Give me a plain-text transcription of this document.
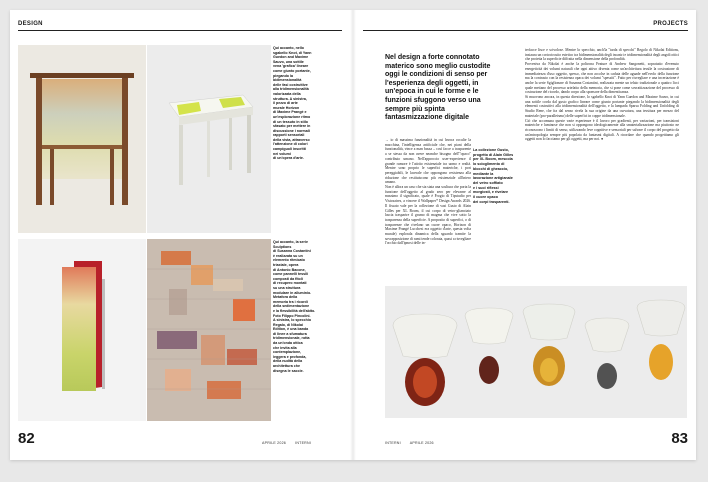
DESIGN
Qui accanto, nello
sgabello Knot, di Yann
Guedon and Maxime
Sauvo, una sottile
vena 'grafica' lineare
come giunto portante,
piegando la
bidimensionalità
delle fasi costruttive
alla tridimensionalità
valorizzata della
struttura. A sinistra,
il pezzo di arte
murale Horizon
di Maxime Prangé e
un'esplorazione ritmo
di un tessuto in stilo
sfasato per mettere in
discussione i normali
rapporti sensoriali
della vista, attraverso
l'attenzione di colori
campiguoli inscritti
nei volumi
di un'opera d'arte.
Qui accanto, la serie
Sculptions
di Susanna Costantini
è realizzata su un
elemento ritmicato
triaxiale, opera
di Antonio Bacone,
come pannelli tessili
composti da fitoli
di recupero montati
su una struttura
modulare in alluminio.
Metafora della
memoria tra i ricordi
della sedimentazione
e la flessibilità dell'abito.
Foto Filippo Pincolini.
A sinistra, lo specchio
Regalo, di Nikolai
Edition, è una banda
di linee a sfumatura
tridimensionale, rotta
da un'onda ottica
che invita alla
contemplazione,
leggera e profonda,
della nudità della
architettura che
disegna le saccie.
82	APRILE 2026	INTERNI
PROJECTS
Nel design a forte connotato materico sono meglio custodite oggi le condizioni di senso per l'esperienza degli oggetti, in un'epoca in cui le forme e le funzioni sfuggono verso una sempre più spinta fantasmizzazione digitale
→ io di massima funzionalità in cui lavora occulte la macchina, l'intelligenza artificiale che, nei piani della funzionalità, vince a man bassa – così facce a trasparente a se stessa da non avere neanche bisogno dell'"opaco" contributo umano. Nell'approccio user-experience il grande rumore è l'attrito esistenziale tra uomo e realtà. Mentre sono proprio le superfici materiche, i pori pereggiabili, le lacerale che oppongono resistenza alla riduzione che restituiscono più esistenziale all'intero umano.
Non è allora un caso che sia stata una scultura che porta la funzione dell'oggetto al grado zero per elevarne al massimo il significato, quale è Frogio di Tipstudio per Vistosaires, a vincere il Wallpaper* Design Awards 2026. Il fissato vale per la collezione di vasi Gusto di Alain Gilles per XL Boom, il cui corpo di vetro-glianciato lascia trasparire il grumo di magma che vive sotto la trasparenza della superficie. A proposito di superfici, o di trasparenze che rivelano un cuore opaco, Horizon di Maxime Prangé Lucchesi era oggetto d'arte, questa volta murale) esplorala dinamica della sguardo tramite la sovrapposizione di rami tende colorata, quasi a risvegliare l'occhio dall'ipnosi delle in-
La collezione Gusto,
progetto di Alain Gilles
per XL Boom, mescola
lo scioglimento di
blocchi di gheaccio,
mediante la
lavorazione artigianale
del vetro soffiato
e i suoi riflessi
morgiosti, e rivelare
il cuore opaco
dei corpi trasparenti.
terfacce lisce e scivolose. Mentre lo specchio, anch'la "tarda di specchi" Regolo di Nikolai Editions, instaura un cortocircuito estetico tra bidimensionalità degli incastri e tridimensionalità degli angoli ottici che proietta la superficie diffratta nella dimensione della profondità.
Proveniva da Nikolai è anche la poltrona Feature di Andrew Sangonetti, sopratutto d'evenuto energeticità dei volumi naturali che ogni attivo diventa come un'architettura tessile la costruzione di immediatezza d'uso oggetto, spesso, che non accolse in caduta delle aguade nell'evolo della funzione ma la contrasto con la resistenza opaca dei volumi "spessiti". Fatto per risvegliare e una incertazione è anche la serie Sgiglionare di Susanna Costantini, realizzata mente un telaio tradizionale a quattro licci quale mettano del processo artefatto della memoria, che si pone come sovrattizzazione del processo di costruzione del ricordo, dando corpo alla sponsore della dimenticanza.
Si muovono ancora, in questa direzione, lo sgabello Knot di Yann Guedon and Maxime Sauvo, in cui una sottile corda dal gusto grafico lineare come giunto portante piegando la bidimensionalità degli elementi costruttivi alla tridimensionalità dell'oggetto, e la lampada Sparsa Folding and Unfolding di Studio Rene, che fra dal senso rivela la sua origine da una curvatura, una tessitura per mezzo del materiale (pro-paralleismo) delle superfici in coppe tridimensionale.
Ciò che accomuna queste varie esperienze è il lavoro per gradienti, per variazioni, per transizioni materiche e luminose che non si oppongono ideologicamente alla smaterializzazione ma piuttosto ne riconoscono i limiti di senso, utilizzando leve cognitive e sensoriali per salvare il corpo del progetto da un'antropologia sempre più popolata da fantasmi digitali. A ricordare che quando progettiamo gli oggetti non lo facciamo per gli oggetti, ma per noi. ●
INTERNI	APRILE 2026	83
